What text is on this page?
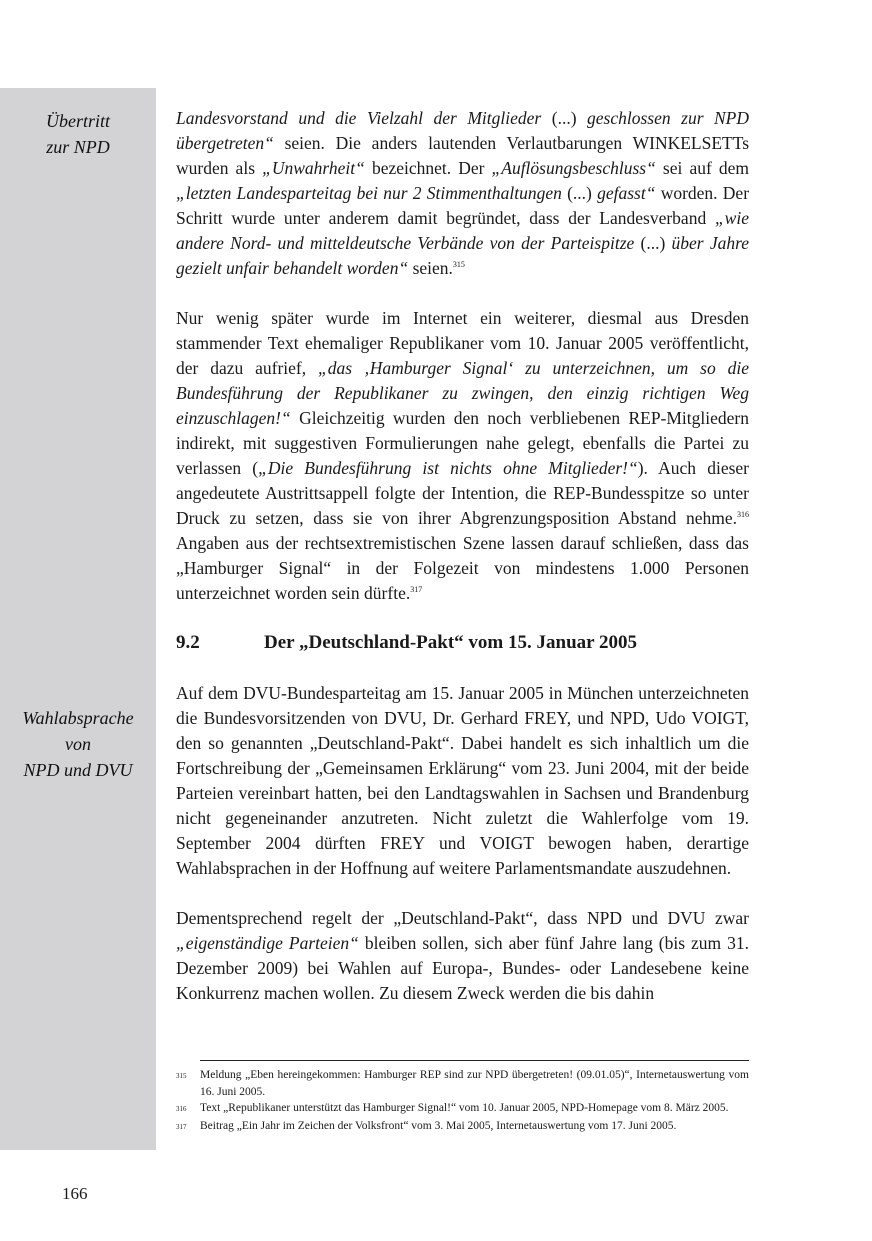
Übertritt
zur NPD
Wahlabsprache
von
NPD und DVU

Landesvorstand und die Vielzahl der Mitglieder (...) geschlossen zur NPD übergetreten“ seien. Die anders lautenden Verlautbarungen WINKELSETTs wurden als „Unwahrheit“ bezeichnet. Der „Auflösungsbeschluss“ sei auf dem „letzten Landesparteitag bei nur 2 Stimmenthaltungen (...) gefasst“ worden. Der Schritt wurde unter anderem damit begründet, dass der Landesverband „wie andere Nord- und mitteldeutsche Verbände von der Parteispitze (...) über Jahre gezielt unfair behandelt worden“ seien.$^{315}$

Nur wenig später wurde im Internet ein weiterer, diesmal aus Dresden stammender Text ehemaliger Republikaner vom 10. Januar 2005 veröffentlicht, der dazu aufrief, „das ‚Hamburger Signal‘ zu unterzeichnen, um so die Bundesführung der Republikaner zu zwingen, den einzig richtigen Weg einzuschlagen!“ Gleichzeitig wurden den noch verbliebenen REP-Mitgliedern indirekt, mit suggestiven Formulierungen nahe gelegt, ebenfalls die Partei zu verlassen („Die Bundesführung ist nichts ohne Mitglieder!“). Auch dieser angedeutete Austrittsappell folgte der Intention, die REP-Bundesspitze so unter Druck zu setzen, dass sie von ihrer Abgrenzungsposition Abstand nehme.$^{316}$ Angaben aus der rechtsextremistischen Szene lassen darauf schließen, dass das „Hamburger Signal“ in der Folgezeit von mindestens 1.000 Personen unterzeichnet worden sein dürfte.$^{317}$

9.2	Der „Deutschland-Pakt“ vom 15. Januar 2005

Auf dem DVU-Bundesparteitag am 15. Januar 2005 in München unterzeichneten die Bundesvorsitzenden von DVU, Dr. Gerhard FREY, und NPD, Udo VOIGT, den so genannten „Deutschland-Pakt“. Dabei handelt es sich inhaltlich um die Fortschreibung der „Gemeinsamen Erklärung“ vom 23. Juni 2004, mit der beide Parteien vereinbart hatten, bei den Landtagswahlen in Sachsen und Brandenburg nicht gegeneinander anzutreten. Nicht zuletzt die Wahlerfolge vom 19. September 2004 dürften FREY und VOIGT bewogen haben, derartige Wahlabsprachen in der Hoffnung auf weitere Parlamentsmandate auszudehnen.

Dementsprechend regelt der „Deutschland-Pakt“, dass NPD und DVU zwar „eigenständige Parteien“ bleiben sollen, sich aber fünf Jahre lang (bis zum 31. Dezember 2009) bei Wahlen auf Europa-, Bundes- oder Landesebene keine Konkurrenz machen wollen. Zu diesem Zweck werden die bis dahin

315	Meldung „Eben hereingekommen: Hamburger REP sind zur NPD übergetreten! (09.01.05)“, Internetauswertung vom 16. Juni 2005.
316	Text „Republikaner unterstützt das Hamburger Signal!“ vom 10. Januar 2005, NPD-Homepage vom 8. März 2005.
317	Beitrag „Ein Jahr im Zeichen der Volksfront“ vom 3. Mai 2005, Internetauswertung vom 17. Juni 2005.
166
